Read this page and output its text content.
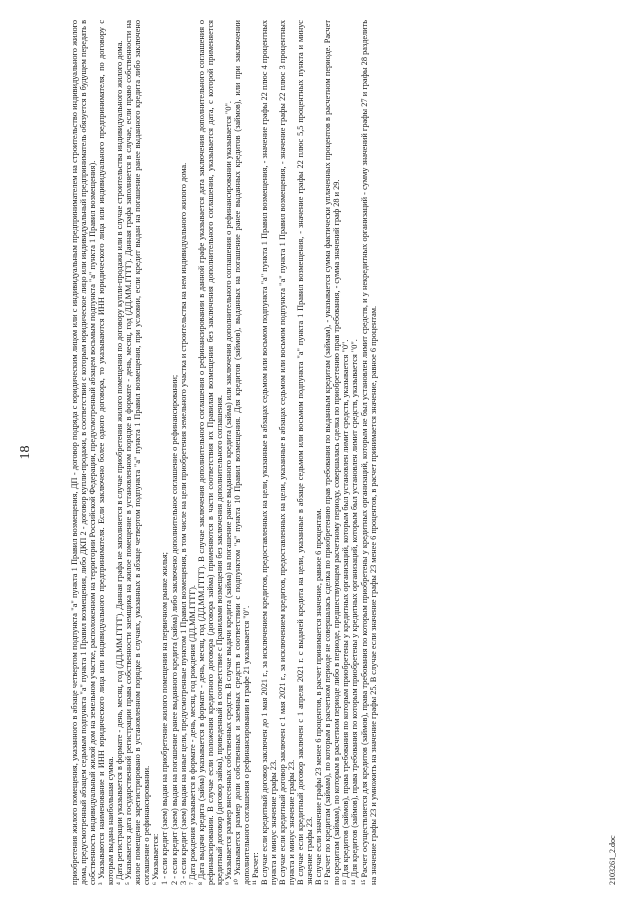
18	приобретения жилого помещения, указанного в абзаце четвертом подпункта "а" пункта 1 Правил возмещения, ДП - договор подряда с юридическим лицом или с индивидуальным предпринимателем на строительство индивидуального жилого дома, предусмотренный абзацем седьмым подпункта "а" пункта 1 Правил возмещения, либо ДКП 2 - договор купли-продажи, в соответствии с которым юридическое лицо или индивидуальный предприниматель обязуется в будущем передать в собственность индивидуальный жилой дом на земельном участке, расположенном на территории Российской Федерации, предусмотренный абзацем восьмым подпункта "а" пункта 1 Правил возмещения). ³ Указываются наименование и ИНН юридического лица или индивидуального предпринимателя. Если заключено более одного договора, то указываются ИНН юридического лица или индивидуального предпринимателя, по договору с которым выдана наибольшая сумма. ⁴ Дата регистрации указывается в формате - день, месяц, год (ДД.ММ.ГГГГ). Данная графа не заполняется в случае приобретения жилого помещения по договору купли-продажи или в случае строительства индивидуального жилого дома. ⁵ Указывается дата государственной регистрации права собственности заемщика на жилое помещение в установленном порядке в формате - день, месяц, год (ДД.ММ.ГГГГ). Данная графа заполняется в случае, если право собственности на жилое помещение зарегистрировано в установленном порядке в случаях, указанных в абзаце четвертом подпункта "а" пункта 1 Правил возмещения, при условии, если кредит выдан на погашение ранее выданного кредита либо заключено соглашение о рефинансировании. ⁶ Указывается: 1 - если кредит (заем) выдан на приобретение жилого помещения на первичном рынке жилья; 2 - если кредит (заем) выдан на погашение ранее выданного кредита (займа) либо заключено дополнительное соглашение о рефинансировании; 3 - если кредит (заем) выдан на иные цели, предусмотренные пунктом 1 Правил возмещения, в том числе на цели приобретения земельного участка и строительства на нем индивидуального жилого дома. ⁷ Дата рождения указывается в формате - день, месяц, год рождения (ДД.ММ.ГГГГ). ⁸ Дата выдачи кредита (займа) указывается в формате - день, месяц, год (ДД.ММ.ГГГГ). В случае заключения дополнительного соглашения о рефинансировании в данной графе указывается дата заключения дополнительного соглашения о рефинансировании. В случае если положения кредитного договора (договора займа) применяются в части соответствия их Правилам возмещения без заключения дополнительного соглашения, указывается дата, с которой применяется кредитный договор (договор займа), приведенный в соответствие с Правилами возмещения без заключения дополнительного соглашения. ⁹ Указывается размер внесенных собственных средств. В случае выдачи кредита (займа) на погашение ранее выданного кредита (займа) или заключения дополнительного соглашения о рефинансировании указывается "0". ¹⁰ Указывается размер доли собственных и заемных средств в соответствии с подпунктом "в" пункта 10 Правил возмещения. Для кредитов (займов), выданных на погашение ранее выданных кредитов (займов), или при заключении дополнительного соглашения о рефинансировании в графе 21 указывается "0". ¹¹ Расчет: В случае если кредитный договор заключен до 1 мая 2021 г., за исключением кредитов, предоставленных на цели, указанные в абзацах седьмом или восьмом подпункта "а" пункта 1 Правил возмещения, - значение графы 22 плюс 4 процентных пункта и минус значение графы 23. В случае если кредитный договор заключен с 1 мая 2021 г., за исключением кредитов, предоставленных на цели, указанные в абзацах седьмом или восьмом подпункта "а" пункта 1 Правил возмещения, - значение графы 22 плюс 3 процентных пункта и минус значение графы 23. В случае если кредитный договор заключен с 1 апреля 2021 г. с выдачей кредита на цели, указанные в абзаце седьмом или восьмом подпункта "а" пункта 1 Правил возмещения, - значение графы 22 плюс 5,5 процентных пункта и минус значение графы 23. В случае если значение графы 23 менее 6 процентов, в расчет принимается значение, равное 6 процентам. ¹² Расчет по кредитам (займам), по которым в расчетном периоде не совершалась сделка по приобретению прав требования по выданным кредитам (займам), - указывается сумма фактически уплаченных процентов в расчетном периоде. Расчет по кредитам (займам), по которым в расчетном периоде либо в периоде, предшествующем расчетному периоду, совершалась сделка по приобретению прав требования, - сумма значений граф 28 и 29. ¹³ Для кредитов (займов), права требования по которым приобретены у кредитных организаций, которым был установлен лимит средств, указывается "0". ¹⁴ Для кредитов (займов), права требования по которым приобретены у кредитных организаций, которым был установлен лимит средств, указывается "0". ¹⁵ Расчет осуществляется для кредитов (займов), права требования по которым приобретены у кредитных организаций, которым не был установлен лимит средств, и у некредитных организаций - сумму значений графы 27 и графы 28 разделить на значение графы 23 и умножить на значение графы 25. В случае если значение графы 23 менее 6 процентов, в расчет принимается значение, равное 6 процентам.	2103261_2.doc
